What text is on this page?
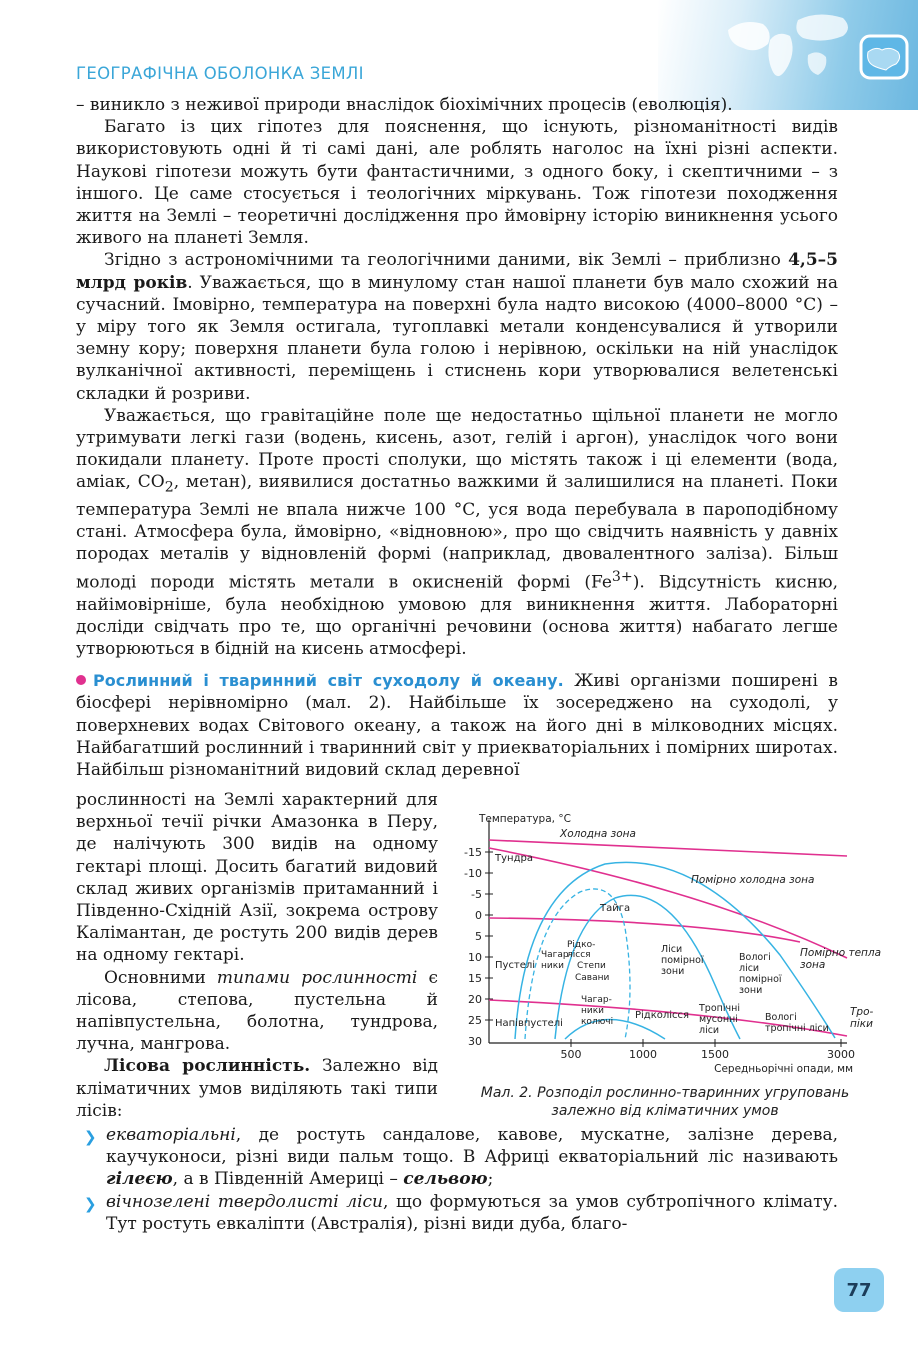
ГЕОГРАФІЧНА ОБОЛОНКА ЗЕМЛІ

– виникло з неживої природи внаслідок біохімічних процесів (еволюція).

Багато із цих гіпотез для пояснення, що існують, різноманітності видів використовують одні й ті самі дані, але роблять наголос на їхні різні аспекти. Наукові гіпотези можуть бути фантастичними, з одного боку, і скептичними – з іншого. Це саме стосується і теологічних міркувань. Тож гіпотези походження життя на Землі – теоретичні дослідження про ймовірну історію виникнення усього живого на планеті Земля.

Згідно з астрономічними та геологічними даними, вік Землі – приблизно 4,5–5 млрд років. Уважається, що в минулому стан нашої планети був мало схожий на сучасний. Імовірно, температура на поверхні була надто високою (4000–8000 °С) – у міру того як Земля остигала, тугоплавкі метали конденсувалися й утворили земну кору; поверхня планети була голою і нерівною, оскільки на ній унаслідок вулканічної активності, переміщень і стиснень кори утворювалися велетенські складки й розриви.

Уважається, що гравітаційне поле ще недостатньо щільної планети не могло утримувати легкі гази (водень, кисень, азот, гелій і аргон), унаслідок чого вони покидали планету. Проте прості сполуки, що містять також і ці елементи (вода, аміак, $CO_2$, метан), виявилися достатньо важкими й залишилися на планеті. Поки температура Землі не впала нижче 100 °С, уся вода перебувала в пароподібному стані. Атмосфера була, ймовірно, «відновною», про що свідчить наявність у давніх породах металів у відновленій формі (наприклад, двовалентного заліза). Більш молоді породи містять метали в окисненій формі $(Fe^{3+})$. Відсутність кисню, найімовірніше, була необхідною умовою для виникнення життя. Лабораторні досліди свідчать про те, що органічні речовини (основа життя) набагато легше утворюються в бідній на кисень атмосфері.

Рослинний і тваринний світ суходолу й океану. Живі організми поширені в біосфері нерівномірно (мал. 2). Найбільше їх зосереджено на суходолі, у поверхневих водах Світового океану, а також на його дні в мілководних місцях. Найбагатший рослинний і тваринний світ у приекваторіальних і помірних широтах. Найбільш різноманітний видовий склад деревної

рослинності на Землі характерний для верхньої течії річки Амазонка в Перу, де налічують 300 видів на одному гектарі площі. Досить багатий видовий склад живих організмів притаманний і Південно-Східній Азії, зокрема острову Калімантан, де ростуть 200 видів дерев на одному гектарі.

Основними типами рослинності є лісова, степова, пустельна й напівпустельна, болотна, тундрова, лучна, мангрова.

Лісова рослинність. Залежно від кліматичних умов виділяють такі типи лісів:

Температура, °С
-15
-10
-5
0
5
10
15
20
25
30
500	1000	1500	3000
Середньорічні опади, мм
Холодна зона
Помірно холодна зона
Помірно тепла
зона
Тро-
піки
Тундра
Тайга
Пустелі
Напівпустелі
Чагар-
ники
Рідко-
лісся
Степи
Савани
Ліси
помірної
зони
Вологі
ліси
помірної
зони
Чагар-
ники
колючі
Рідколісся
Тропічні
мусонні
ліси
Вологі
тропічні ліси
Мал. 2. Розподіл рослинно-тваринних угруповань залежно від кліматичних умов

❯ екваторіальні, де ростуть сандалове, кавове, мускатне, залізне дерева, каучуконоси, різні види пальм тощо. В Африці екваторіальний ліс називають гілеєю, а в Південній Америці – сельвою;

❯ вічнозелені твердолисті ліси, що формуються за умов субтропічного клімату. Тут ростуть евкаліпти (Австралія), різні види дуба, благо-

77
